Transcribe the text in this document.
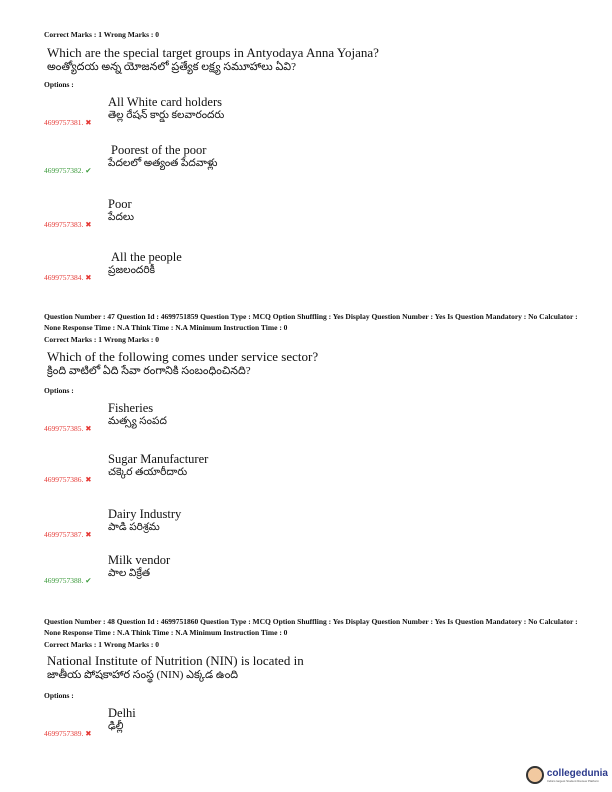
Correct Marks : 1 Wrong Marks : 0
Which are the special target groups in Antyodaya Anna Yojana?
అంత్యోదయ అన్న యోజనలో ప్రత్యేక లక్ష్య సమూహాలు ఏవి?
Options :
All White card holders
తెల్ల రేషన్ కార్డు కలవారందరు
4699757381. ✖
Poorest of the poor
పేదలలో అత్యంత పేదవాళ్లు
4699757382. ✔
Poor
పేదలు
4699757383. ✖
All the people
ప్రజలందరికీ
4699757384. ✖
Question Number : 47 Question Id : 4699751859 Question Type : MCQ Option Shuffling : Yes Display Question Number : Yes Is Question Mandatory : No Calculator : None Response Time : N.A Think Time : N.A Minimum Instruction Time : 0
Correct Marks : 1 Wrong Marks : 0
Which of the following comes under service sector?
క్రింది వాటిలో ఏది సేవా రంగానికి సంబంధించినది?
Options :
Fisheries
మత్స్య సంపద
4699757385. ✖
Sugar Manufacturer
చక్కెర తయారీదారు
4699757386. ✖
Dairy Industry
పాడి పరిశ్రమ
4699757387. ✖
Milk vendor
పాల విక్రేత
4699757388. ✔
Question Number : 48 Question Id : 4699751860 Question Type : MCQ Option Shuffling : Yes Display Question Number : Yes Is Question Mandatory : No Calculator : None Response Time : N.A Think Time : N.A Minimum Instruction Time : 0
Correct Marks : 1 Wrong Marks : 0
National Institute of Nutrition (NIN) is located in
జాతీయ పోషకాహార సంస్థ (NIN) ఎక్కడ ఉంది
Options :
Delhi
ఢిల్లీ
4699757389. ✖
collegedunia
India's largest Student Review Platform
